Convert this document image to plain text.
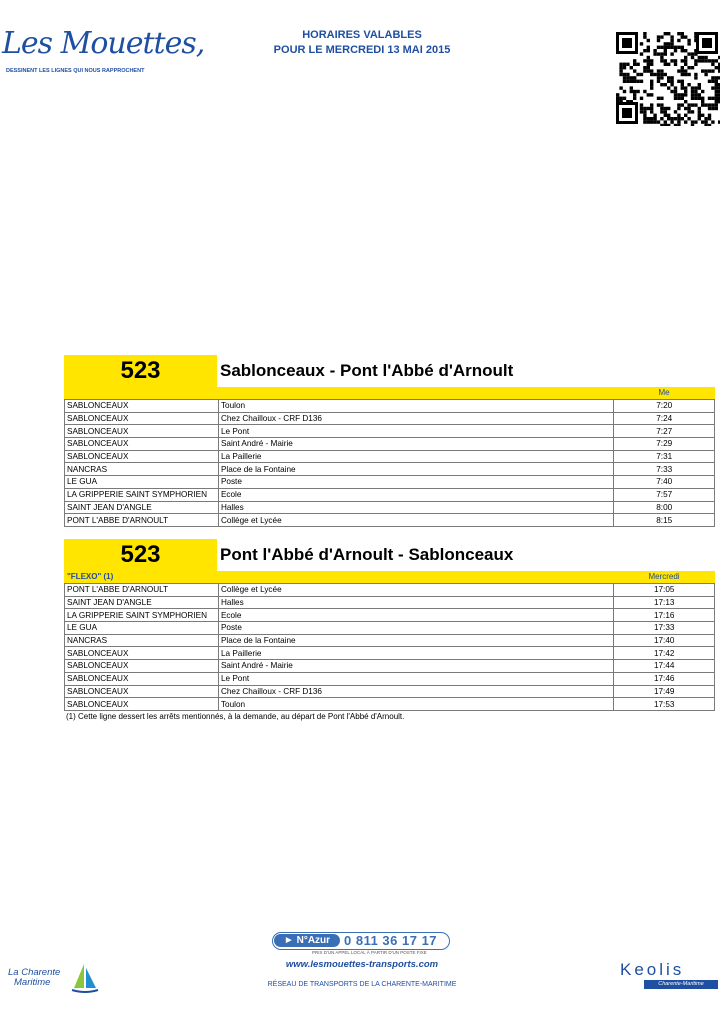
Les Mouettes,
DESSINENT LES LIGNES QUI NOUS RAPPROCHENT
HORAIRES VALABLES
POUR LE MERCREDI 13 MAI 2015
523	Sablonceaux - Pont l'Abbé d'Arnoult
Me
SABLONCEAUX	Toulon	7:20
SABLONCEAUX	Chez Chailloux - CRF D136	7:24
SABLONCEAUX	Le Pont	7:27
SABLONCEAUX	Saint André - Mairie	7:29
SABLONCEAUX	La Paillerie	7:31
NANCRAS	Place de la Fontaine	7:33
LE GUA	Poste	7:40
LA GRIPPERIE SAINT SYMPHORIEN	Ecole	7:57
SAINT JEAN D'ANGLE	Halles	8:00
PONT L'ABBE D'ARNOULT	Collège et Lycée	8:15
523	Pont l'Abbé d'Arnoult - Sablonceaux
"FLEXO" (1)	Mercredi
PONT L'ABBE D'ARNOULT	Collège et Lycée	17:05
SAINT JEAN D'ANGLE	Halles	17:13
LA GRIPPERIE SAINT SYMPHORIEN	Ecole	17:16
LE GUA	Poste	17:33
NANCRAS	Place de la Fontaine	17:40
SABLONCEAUX	La Paillerie	17:42
SABLONCEAUX	Saint André - Mairie	17:44
SABLONCEAUX	Le Pont	17:46
SABLONCEAUX	Chez Chailloux - CRF D136	17:49
SABLONCEAUX	Toulon	17:53
(1) Cette ligne dessert les arrêts mentionnés, à la demande, au départ de Pont l'Abbé d'Arnoult.
► N°Azur	0 811 36 17 17
PRIX D'UN APPEL LOCAL À PARTIR D'UN POSTE FIXE
www.lesmouettes-transports.com
RÉSEAU DE TRANSPORTS DE LA CHARENTE-MARITIME
La Charente
Maritime
Keolis
Charente-Maritime
